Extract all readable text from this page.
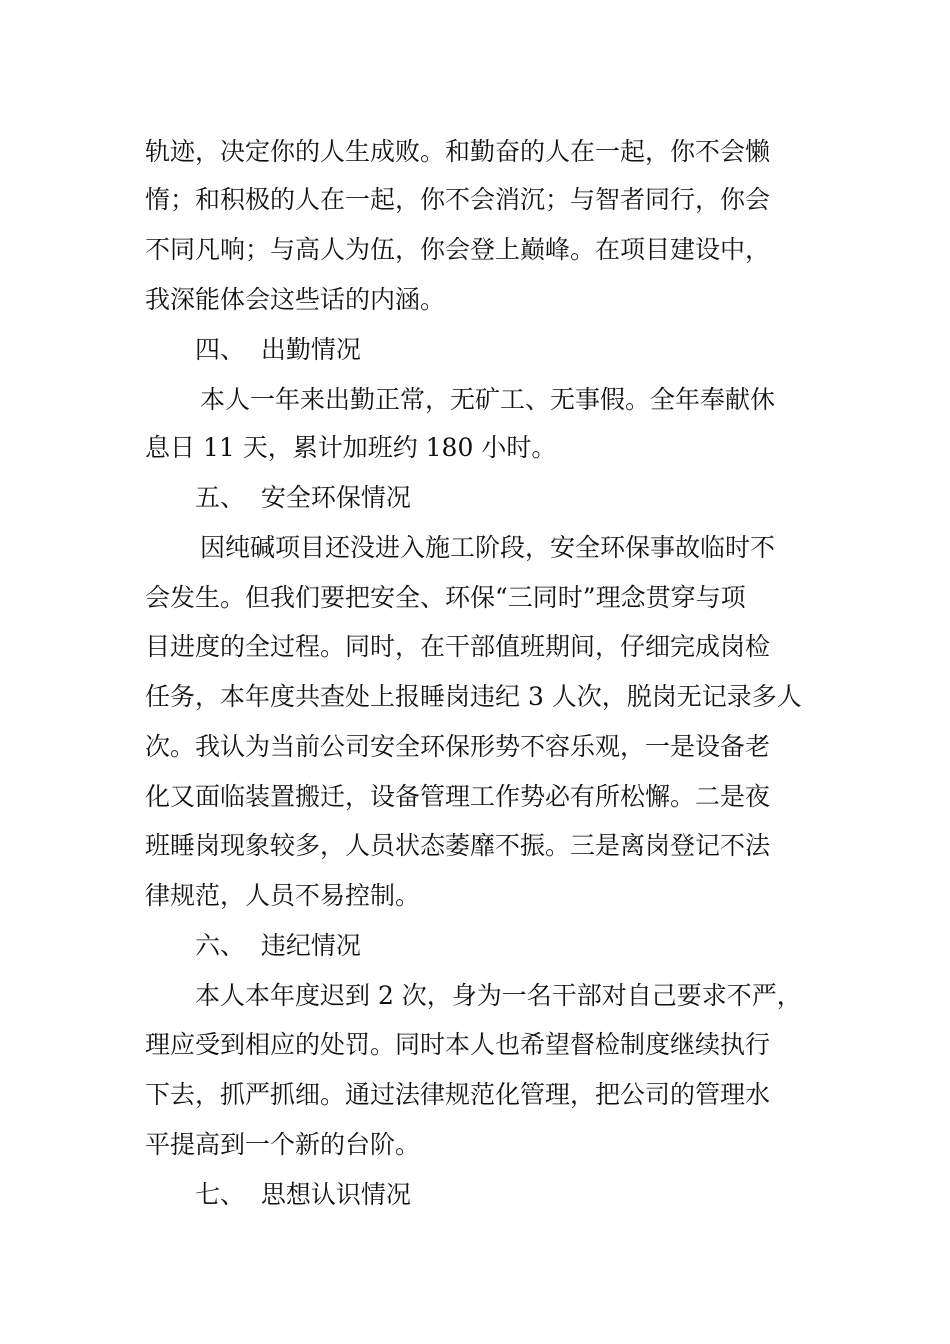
轨迹，决定你的人生成败。和勤奋的人在一起，你不会懒
惰；和积极的人在一起，你不会消沉；与智者同行，你会
不同凡响；与高人为伍，你会登上巅峰。在项目建设中，
我深能体会这些话的内涵。
四、  出勤情况
本人一年来出勤正常，无矿工、无事假。全年奉献休
息日 11 天，累计加班约 180 小时。
五、  安全环保情况
因纯碱项目还没进入施工阶段，安全环保事故临时不
会发生。但我们要把安全、环保“三同时”理念贯穿与项
目进度的全过程。同时，在干部值班期间，仔细完成岗检
任务，本年度共查处上报睡岗违纪 3 人次，脱岗无记录多人
次。我认为当前公司安全环保形势不容乐观，一是设备老
化又面临装置搬迁，设备管理工作势必有所松懈。二是夜
班睡岗现象较多，人员状态萎靡不振。三是离岗登记不法
律规范，人员不易控制。
六、  违纪情况
本人本年度迟到 2 次，身为一名干部对自己要求不严，
理应受到相应的处罚。同时本人也希望督检制度继续执行
下去，抓严抓细。通过法律规范化管理，把公司的管理水
平提高到一个新的台阶。
七、  思想认识情况
